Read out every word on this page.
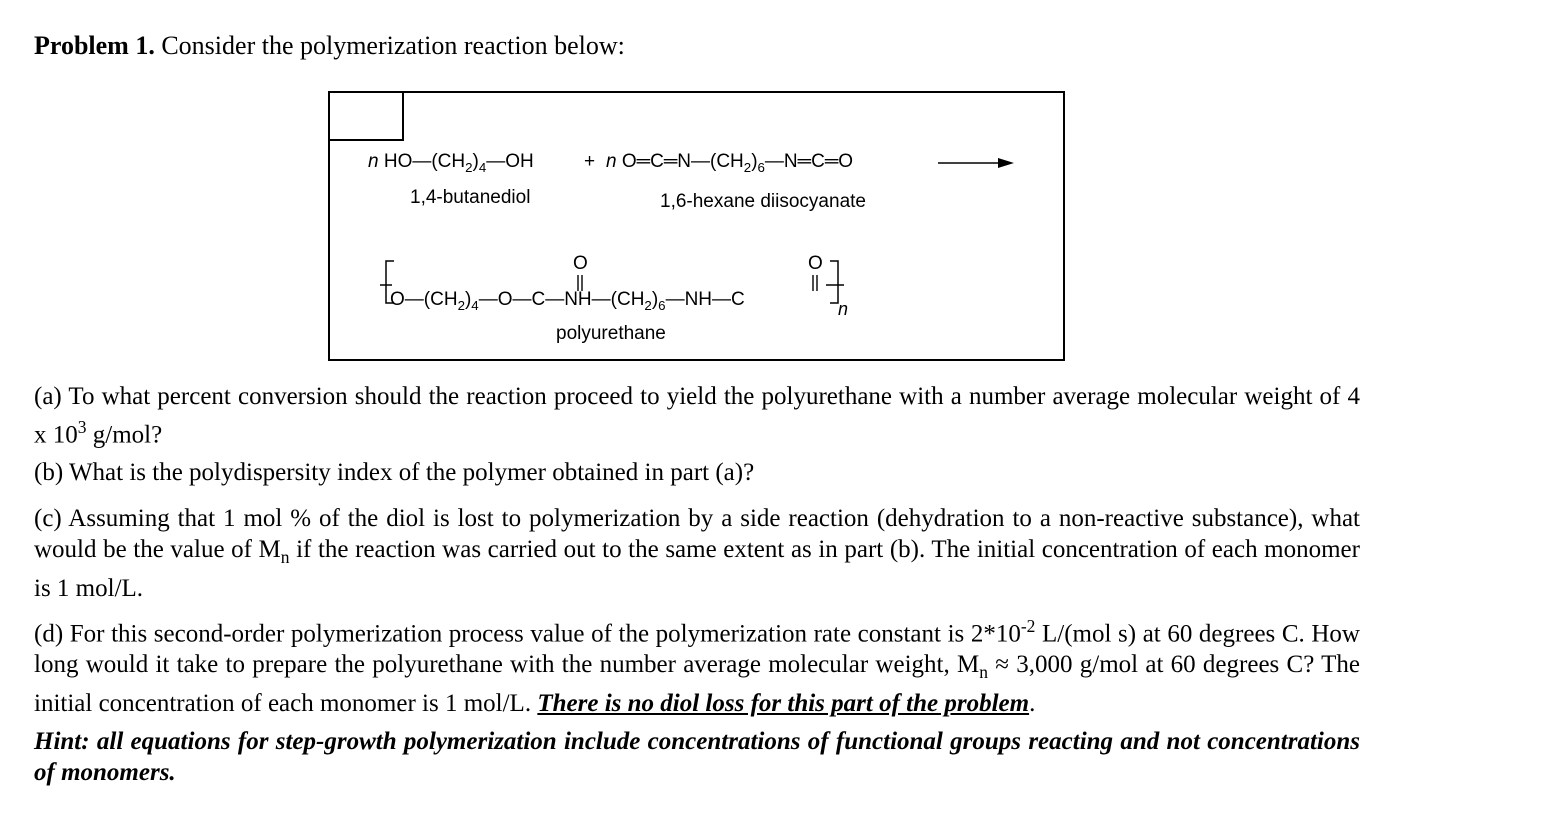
Problem 1. Consider the polymerization reaction below:
n $HO—(CH_2)_4—OH$	+ n $O═C═N—(CH_2)_6—N═C═O$
1,4-butanediol	1,6-hexane diisocyanate
$O—(CH_2)_4—O—C—NH—(CH_2)_6—NH—C$
O	O
n
polyurethane
(a) To what percent conversion should the reaction proceed to yield the polyurethane with a number average molecular weight of 4 x $10^3$ g/mol?
(b) What is the polydispersity index of the polymer obtained in part (a)?
(c) Assuming that 1 mol % of the diol is lost to polymerization by a side reaction (dehydration to a non-reactive substance), what would be the value of $M_n$ if the reaction was carried out to the same extent as in part (b). The initial concentration of each monomer is 1 mol/L.
(d) For this second-order polymerization process value of the polymerization rate constant is $2*10^{-2}$ L/(mol s) at 60 degrees C. How long would it take to prepare the polyurethane with the number average molecular weight, $M_n \approx 3,000$ g/mol at 60 degrees C? The initial concentration of each monomer is 1 mol/L. There is no diol loss for this part of the problem.
Hint: all equations for step-growth polymerization include concentrations of functional groups reacting and not concentrations of monomers.
